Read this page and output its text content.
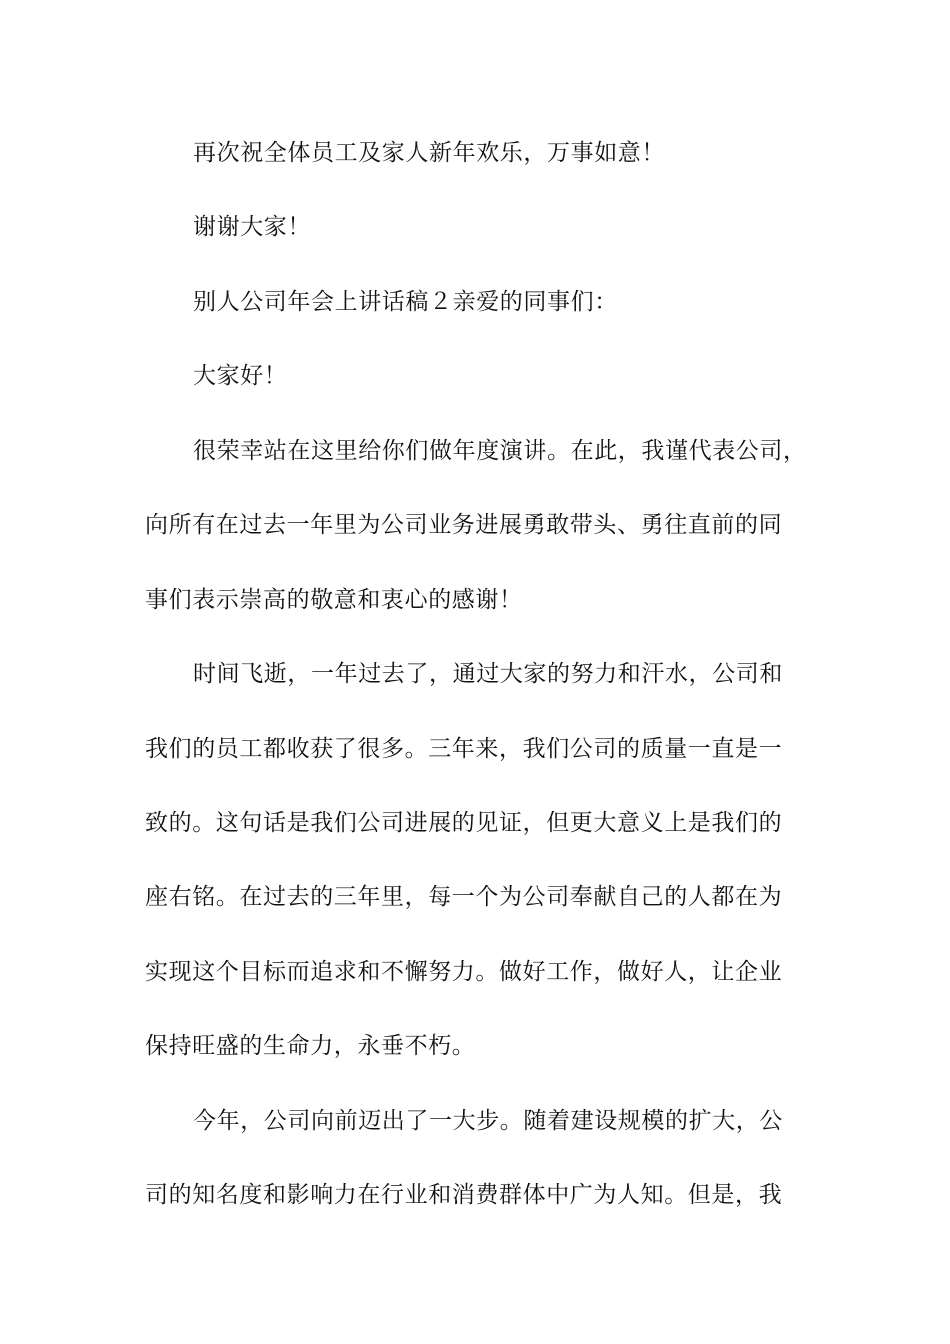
再次祝全体员工及家人新年欢乐，万事如意！
谢谢大家！
别人公司年会上讲话稿２亲爱的同事们：
大家好！
很荣幸站在这里给你们做年度演讲。在此，我谨代表公司，
向所有在过去一年里为公司业务进展勇敢带头、勇往直前的同
事们表示崇高的敬意和衷心的感谢！
时间飞逝，一年过去了，通过大家的努力和汗水，公司和
我们的员工都收获了很多。三年来，我们公司的质量一直是一
致的。这句话是我们公司进展的见证，但更大意义上是我们的
座右铭。在过去的三年里，每一个为公司奉献自己的人都在为
实现这个目标而追求和不懈努力。做好工作，做好人，让企业
保持旺盛的生命力，永垂不朽。
今年，公司向前迈出了一大步。随着建设规模的扩大，公
司的知名度和影响力在行业和消费群体中广为人知。但是，我
